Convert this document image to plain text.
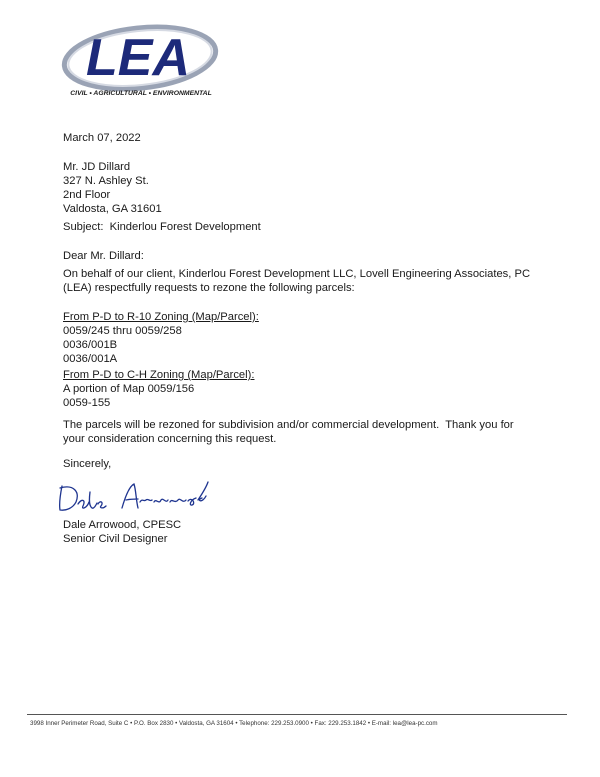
LEA
CIVIL • AGRICULTURAL • ENVIRONMENTAL

March 07, 2022

Mr. JD Dillard

327 N. Ashley St.

2nd Floor

Valdosta, GA 31601

Subject:  Kinderlou Forest Development

Dear Mr. Dillard:

On behalf of our client, Kinderlou Forest Development LLC, Lovell Engineering Associates, PC (LEA) respectfully requests to rezone the following parcels:

From P-D to R-10 Zoning (Map/Parcel):

0059/245 thru 0059/258

0036/001B

0036/001A

From P-D to C-H Zoning (Map/Parcel):

A portion of Map 0059/156

0059-155

The parcels will be rezoned for subdivision and/or commercial development.  Thank you for your consideration concerning this request.

Sincerely,

Dale Arrowood, CPESC

Senior Civil Designer

3998 Inner Perimeter Road, Suite C • P.O. Box 2830 • Valdosta, GA 31604 • Telephone: 229.253.0900 • Fax: 229.253.1842 • E-mail: lea@lea-pc.com
